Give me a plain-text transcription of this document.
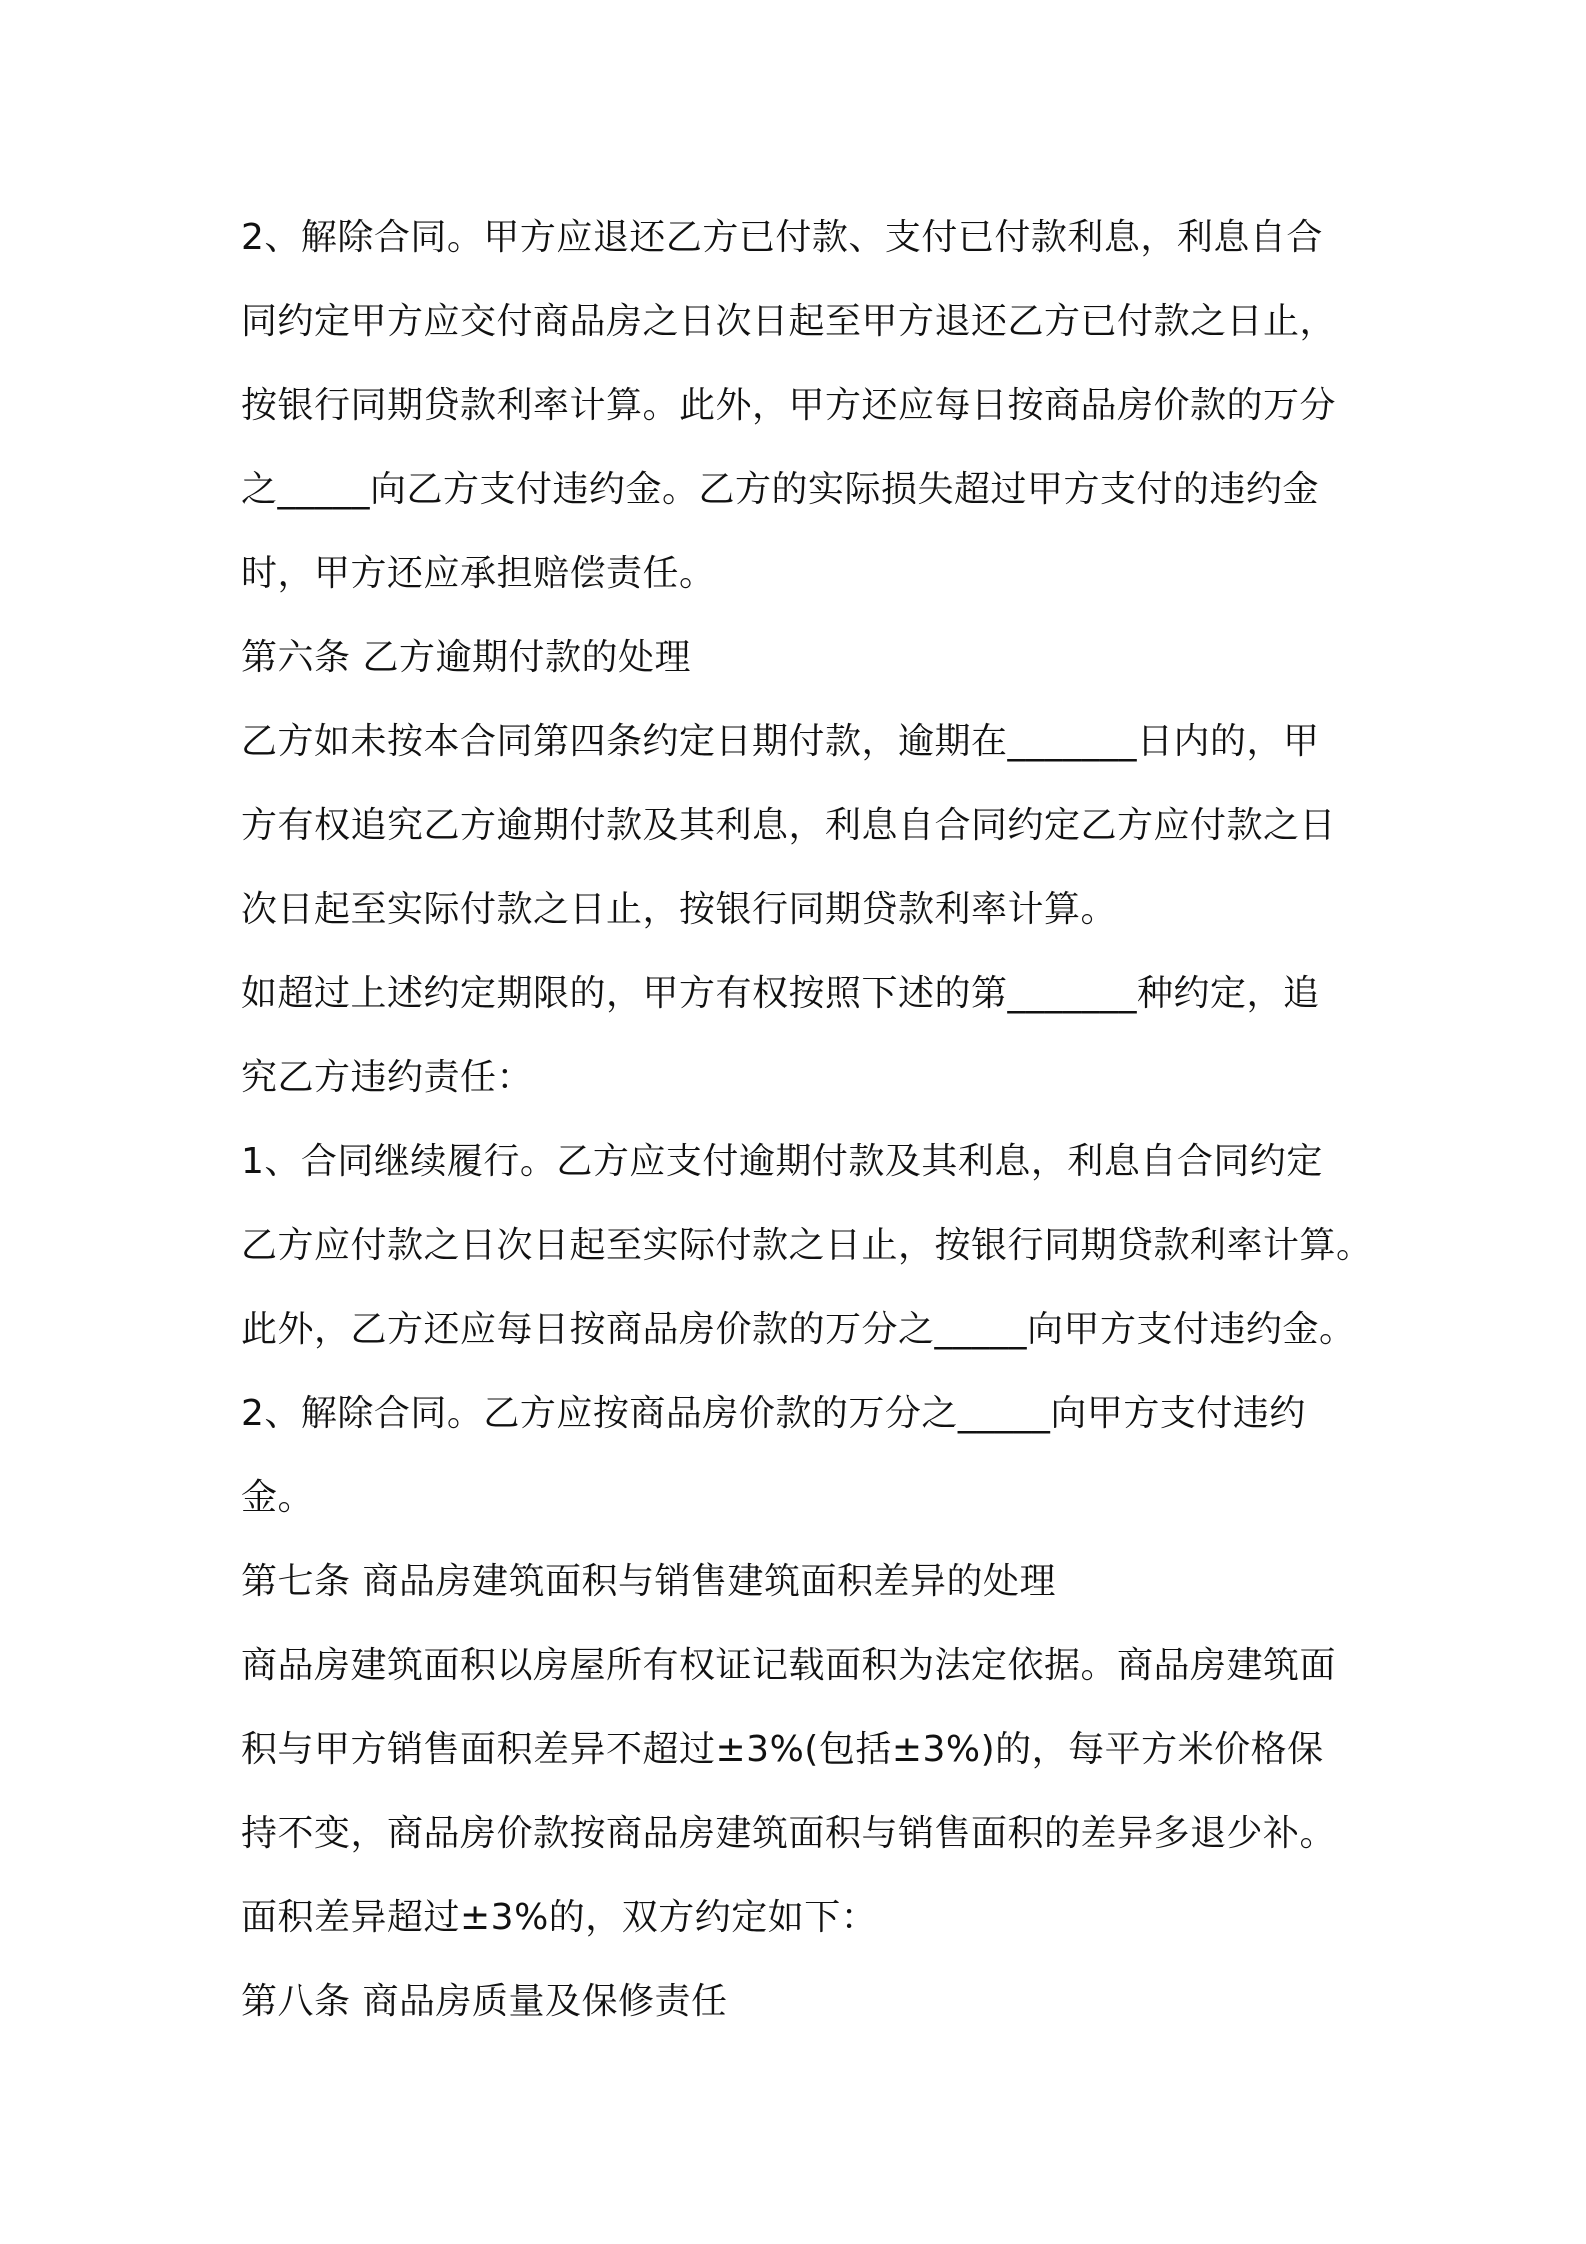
2、解除合同。甲方应退还乙方已付款、支付已付款利息，利息自合
同约定甲方应交付商品房之日次日起至甲方退还乙方已付款之日止，
按银行同期贷款利率计算。此外，甲方还应每日按商品房价款的万分
之_____向乙方支付违约金。乙方的实际损失超过甲方支付的违约金
时，甲方还应承担赔偿责任。
第六条 乙方逾期付款的处理
乙方如未按本合同第四条约定日期付款，逾期在_______日内的，甲
方有权追究乙方逾期付款及其利息，利息自合同约定乙方应付款之日
次日起至实际付款之日止，按银行同期贷款利率计算。
如超过上述约定期限的，甲方有权按照下述的第_______种约定，追
究乙方违约责任：
1、合同继续履行。乙方应支付逾期付款及其利息，利息自合同约定
乙方应付款之日次日起至实际付款之日止，按银行同期贷款利率计算。
此外，乙方还应每日按商品房价款的万分之_____向甲方支付违约金。
2、解除合同。乙方应按商品房价款的万分之_____向甲方支付违约
金。
第七条 商品房建筑面积与销售建筑面积差异的处理
商品房建筑面积以房屋所有权证记载面积为法定依据。商品房建筑面
积与甲方销售面积差异不超过±3%(包括±3%)的，每平方米价格保
持不变，商品房价款按商品房建筑面积与销售面积的差异多退少补。
面积差异超过±3%的，双方约定如下：
第八条 商品房质量及保修责任
